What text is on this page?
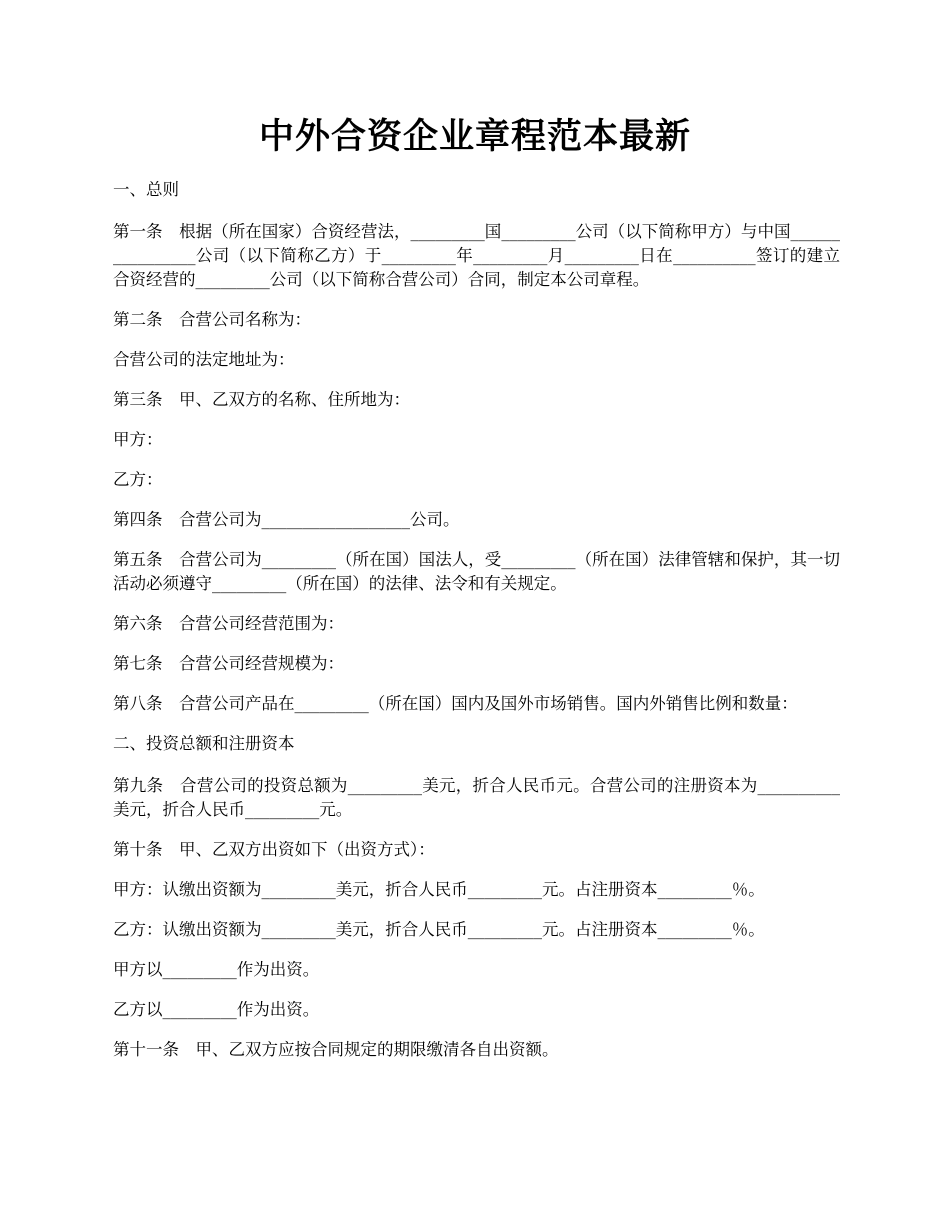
中外合资企业章程范本最新

一、总则

第一条　根据（所在国家）合资经营法，_________国_________公司（以下简称甲方）与中国________________公司（以下简称乙方）于_________年_________月_________日在__________签订的建立合资经营的_________公司（以下简称合营公司）合同，制定本公司章程。

第二条　合营公司名称为：

合营公司的法定地址为：

第三条　甲、乙双方的名称、住所地为：

甲方：

乙方：

第四条　合营公司为__________________公司。

第五条　合营公司为_________（所在国）国法人，受_________（所在国）法律管辖和保护，其一切活动必须遵守_________（所在国）的法律、法令和有关规定。

第六条　合营公司经营范围为：

第七条　合营公司经营规模为：

第八条　合营公司产品在_________（所在国）国内及国外市场销售。国内外销售比例和数量：

二、投资总额和注册资本

第九条　合营公司的投资总额为_________美元，折合人民币元。合营公司的注册资本为__________美元，折合人民币_________元。

第十条　甲、乙双方出资如下（出资方式）：

甲方：认缴出资额为_________美元，折合人民币_________元。占注册资本_________％。

乙方：认缴出资额为_________美元，折合人民币_________元。占注册资本_________％。

甲方以_________作为出资。

乙方以_________作为出资。

第十一条　甲、乙双方应按合同规定的期限缴清各自出资额。
